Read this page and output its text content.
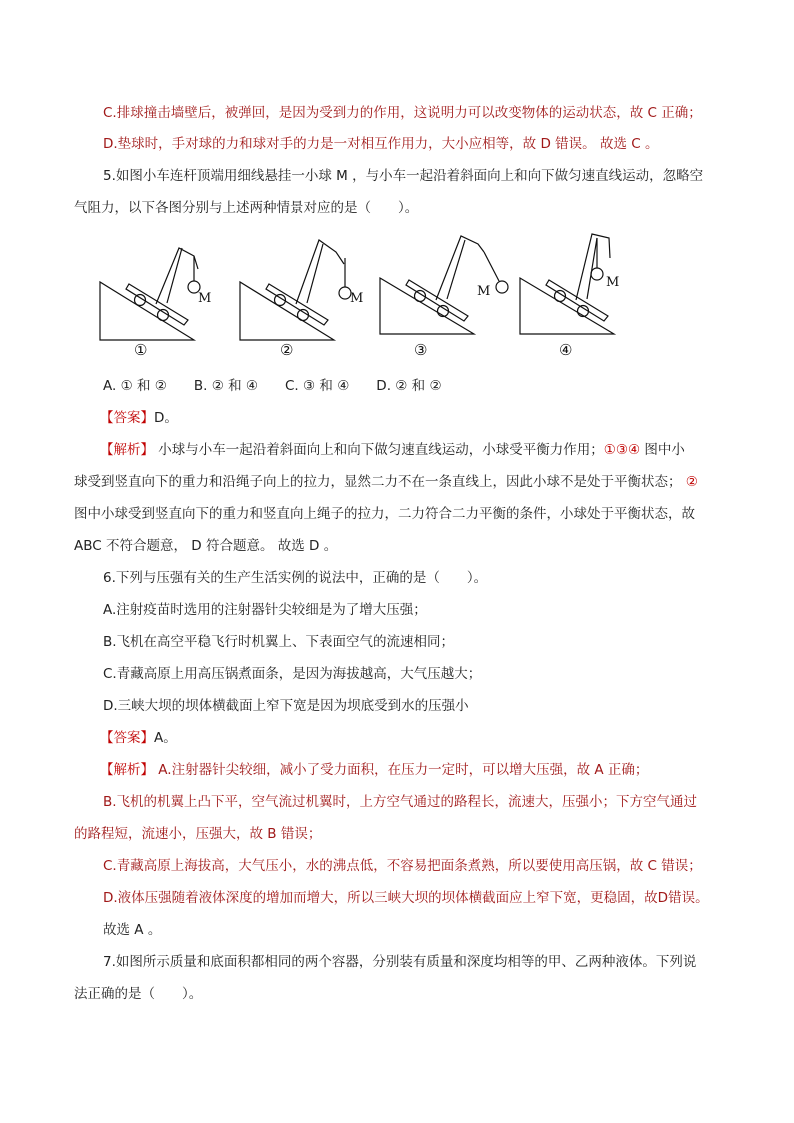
C.排球撞击墙壁后，被弹回，是因为受到力的作用，这说明力可以改变物体的运动状态，故 C 正确；
D.垫球时，手对球的力和球对手的力是一对相互作用力，大小应相等，故 D 错误。 故选 C 。
5.如图小车连杆顶端用细线悬挂一小球 M ，与小车一起沿着斜面向上和向下做匀速直线运动，忽略空
气阻力，以下各图分别与上述两种情景对应的是（　　）。
M	M	M
M
①	②	③	④
A. ① 和 ②　　B. ② 和 ④　　C. ③ 和 ④　　D. ② 和 ②
【答案】D。
【解析】 小球与小车一起沿着斜面向上和向下做匀速直线运动，小球受平衡力作用；①③④ 图中小
球受到竖直向下的重力和沿绳子向上的拉力，显然二力不在一条直线上，因此小球不是处于平衡状态； ②
图中小球受到竖直向下的重力和竖直向上绳子的拉力，二力符合二力平衡的条件，小球处于平衡状态，故
ABC 不符合题意， D 符合题意。 故选 D 。
6.下列与压强有关的生产生活实例的说法中，正确的是（　　）。
A.注射疫苗时选用的注射器针尖较细是为了增大压强；
B.飞机在高空平稳飞行时机翼上、下表面空气的流速相同；
C.青藏高原上用高压锅煮面条，是因为海拔越高，大气压越大；
D.三峡大坝的坝体横截面上窄下宽是因为坝底受到水的压强小
【答案】A。
【解析】 A.注射器针尖较细，减小了受力面积，在压力一定时，可以增大压强，故 A 正确；
B.飞机的机翼上凸下平，空气流过机翼时，上方空气通过的路程长，流速大，压强小；下方空气通过
的路程短，流速小，压强大，故 B 错误；
C.青藏高原上海拔高，大气压小，水的沸点低，不容易把面条煮熟，所以要使用高压锅，故 C 错误；
D.液体压强随着液体深度的增加而增大，所以三峡大坝的坝体横截面应上窄下宽，更稳固，故D错误。
故选 A 。
7.如图所示质量和底面积都相同的两个容器，分别装有质量和深度均相等的甲、乙两种液体。下列说
法正确的是（　　）。
